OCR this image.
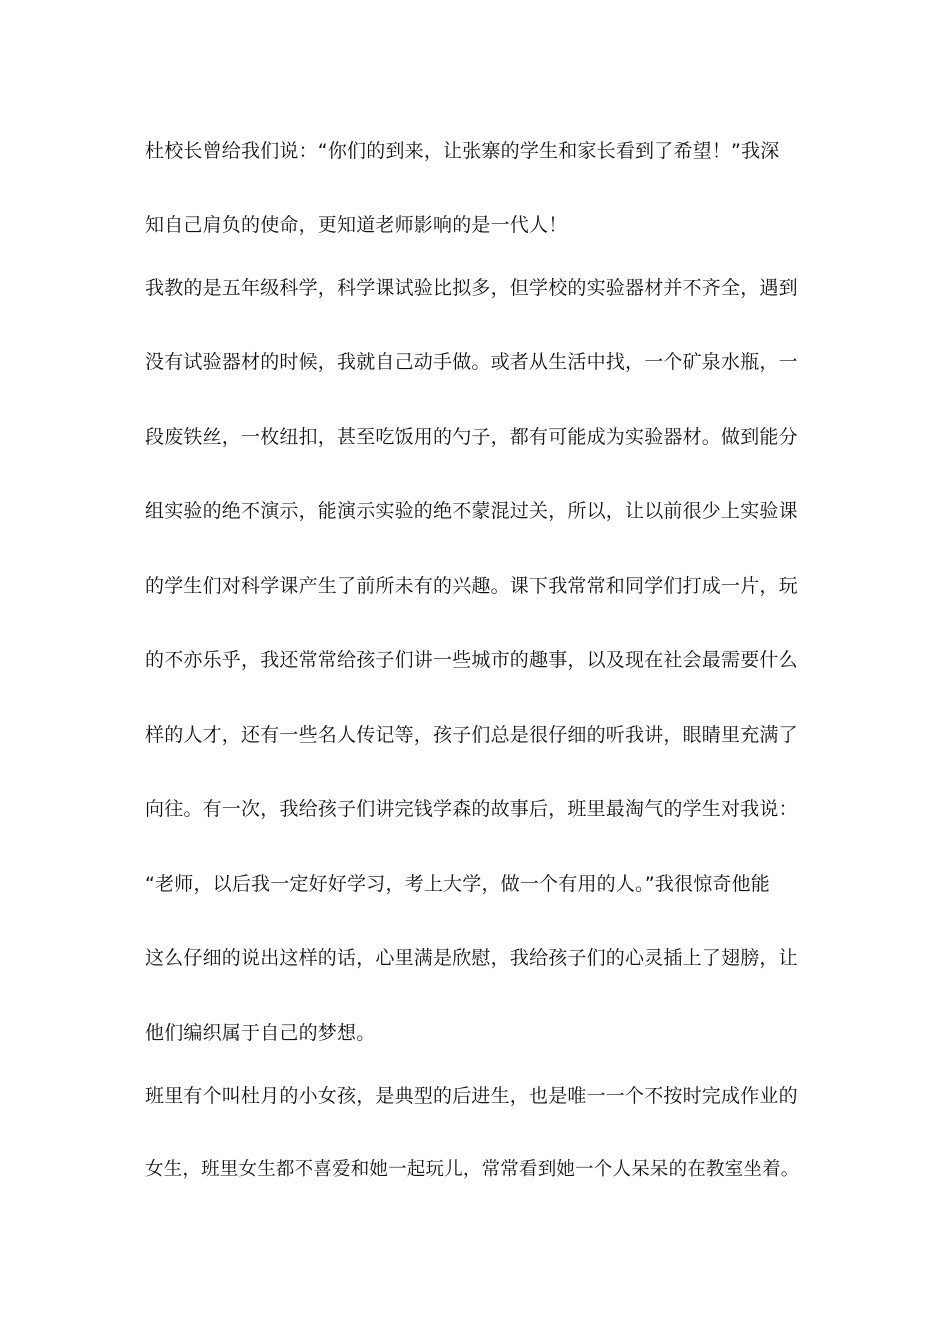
杜校长曾给我们说：“你们的到来，让张寨的学生和家长看到了希望！”我深
知自己肩负的使命，更知道老师影响的是一代人！
我教的是五年级科学，科学课试验比拟多，但学校的实验器材并不齐全，遇到
没有试验器材的时候，我就自己动手做。或者从生活中找，一个矿泉水瓶，一
段废铁丝，一枚纽扣，甚至吃饭用的勺子，都有可能成为实验器材。做到能分
组实验的绝不演示，能演示实验的绝不蒙混过关，所以，让以前很少上实验课
的学生们对科学课产生了前所未有的兴趣。课下我常常和同学们打成一片，玩
的不亦乐乎，我还常常给孩子们讲一些城市的趣事，以及现在社会最需要什么
样的人才，还有一些名人传记等，孩子们总是很仔细的听我讲，眼睛里充满了
向往。有一次，我给孩子们讲完钱学森的故事后，班里最淘气的学生对我说：
“老师，以后我一定好好学习，考上大学，做一个有用的人。”我很惊奇他能
这么仔细的说出这样的话，心里满是欣慰，我给孩子们的心灵插上了翅膀，让
他们编织属于自己的梦想。
班里有个叫杜月的小女孩，是典型的后进生，也是唯一一个不按时完成作业的
女生，班里女生都不喜爱和她一起玩儿，常常看到她一个人呆呆的在教室坐着。
